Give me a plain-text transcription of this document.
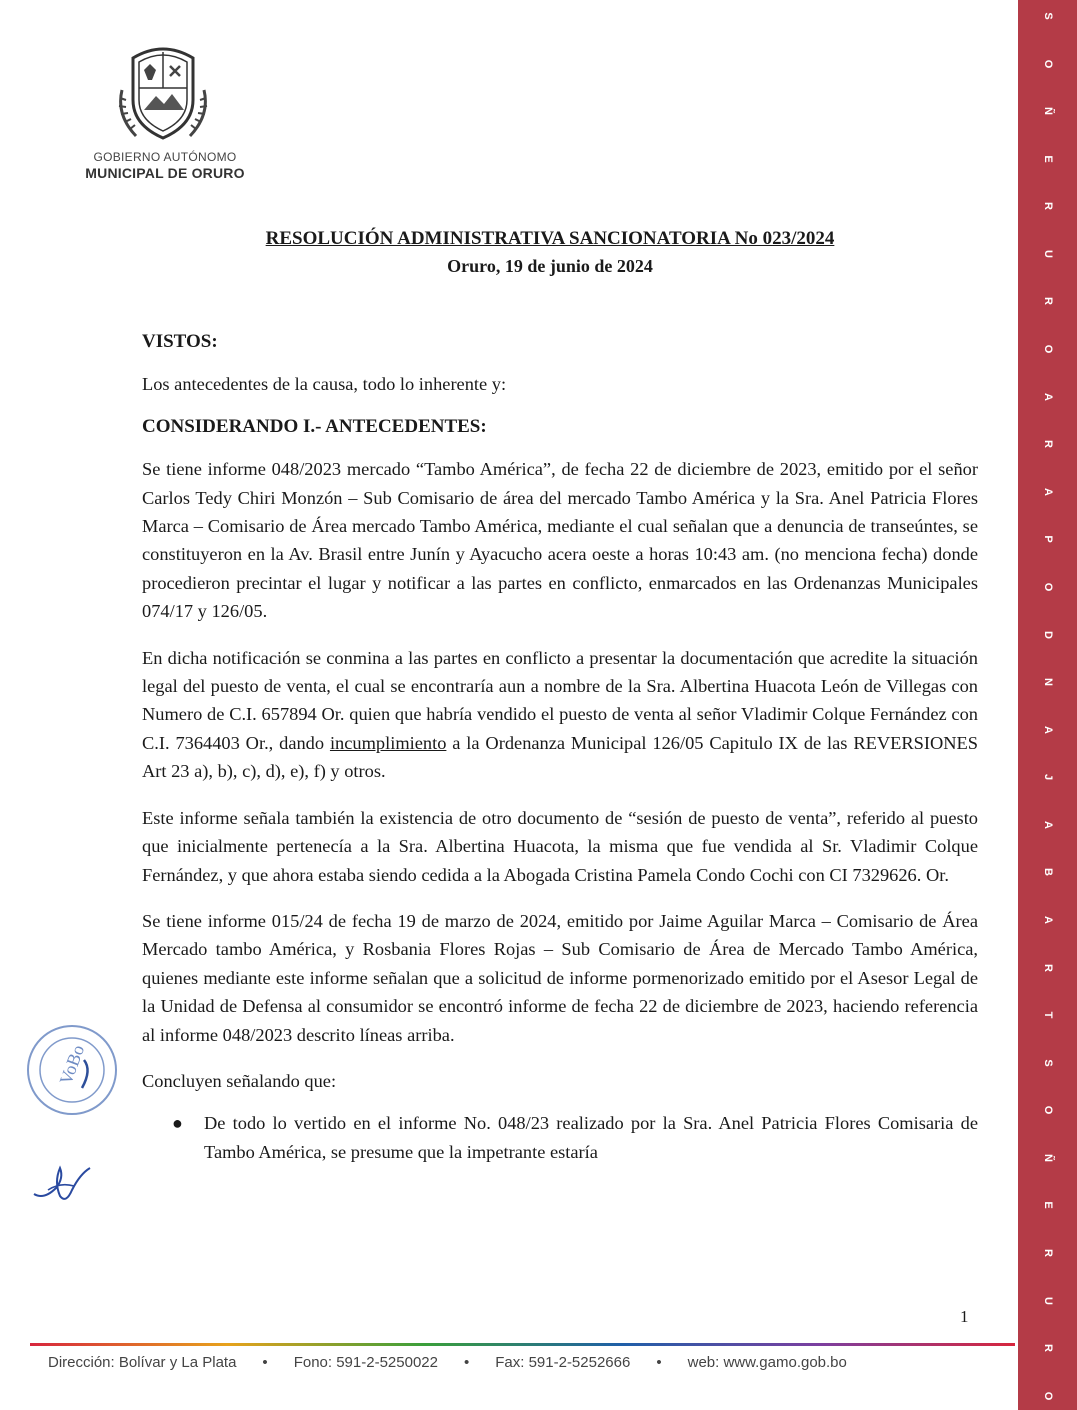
GOBIERNO AUTÓNOMO
MUNICIPAL DE ORURO
RESOLUCIÓN ADMINISTRATIVA SANCIONATORIA No 023/2024
Oruro, 19 de junio de 2024

VISTOS:

Los antecedentes de la causa, todo lo inherente y:

CONSIDERANDO I.- ANTECEDENTES:

Se tiene informe 048/2023 mercado “Tambo América”, de fecha 22 de diciembre de 2023, emitido por el señor Carlos Tedy Chiri Monzón – Sub Comisario de área del mercado Tambo América y la Sra. Anel Patricia Flores Marca – Comisario de Área mercado Tambo América, mediante el cual señalan que a denuncia de transeúntes, se constituyeron en la Av. Brasil entre Junín y Ayacucho acera oeste a horas 10:43 am. (no menciona fecha) donde procedieron precintar el lugar y notificar a las partes en conflicto, enmarcados en las Ordenanzas Municipales 074/17 y 126/05.

En dicha notificación se conmina a las partes en conflicto a presentar la documentación que acredite la situación legal del puesto de venta, el cual se encontraría aun a nombre de la Sra. Albertina Huacota León de Villegas con Numero de C.I. 657894 Or. quien que habría vendido el puesto de venta al señor Vladimir Colque Fernández con C.I. 7364403 Or., dando incumplimiento a la Ordenanza Municipal 126/05 Capitulo IX de las REVERSIONES Art 23 a), b), c), d), e), f) y otros.

Este informe señala también la existencia de otro documento de “sesión de puesto de venta”, referido al puesto que inicialmente pertenecía a la Sra. Albertina Huacota, la misma que fue vendida al Sr. Vladimir Colque Fernández, y que ahora estaba siendo cedida a la Abogada Cristina Pamela Condo Cochi con CI 7329626. Or.

Se tiene informe 015/24 de fecha 19 de marzo de 2024, emitido por Jaime Aguilar Marca – Comisario de Área Mercado tambo América, y Rosbania Flores Rojas – Sub Comisario de Área de Mercado Tambo América, quienes mediante este informe señalan que a solicitud de informe pormenorizado emitido por el Asesor Legal de la Unidad de Defensa al consumidor se encontró informe de fecha 22 de diciembre de 2023, haciendo referencia al informe 048/2023 descrito líneas arriba.

Concluyen señalando que:

●	De todo lo vertido en el informe No. 048/23 realizado por la Sra. Anel Patricia Flores Comisaria de Tambo América, se presume que la impetrante estaría
VoBo
1
Dirección: Bolívar y La Plata • Fono: 591-2-5250022 • Fax: 591-2-5252666 • web: www.gamo.gob.bo
S
O
Ñ
E
R
U
R
O
A
R
A
P
O
D
N
A
J
A
B
A
R
T
S
O
Ñ
E
R
U
R
O
